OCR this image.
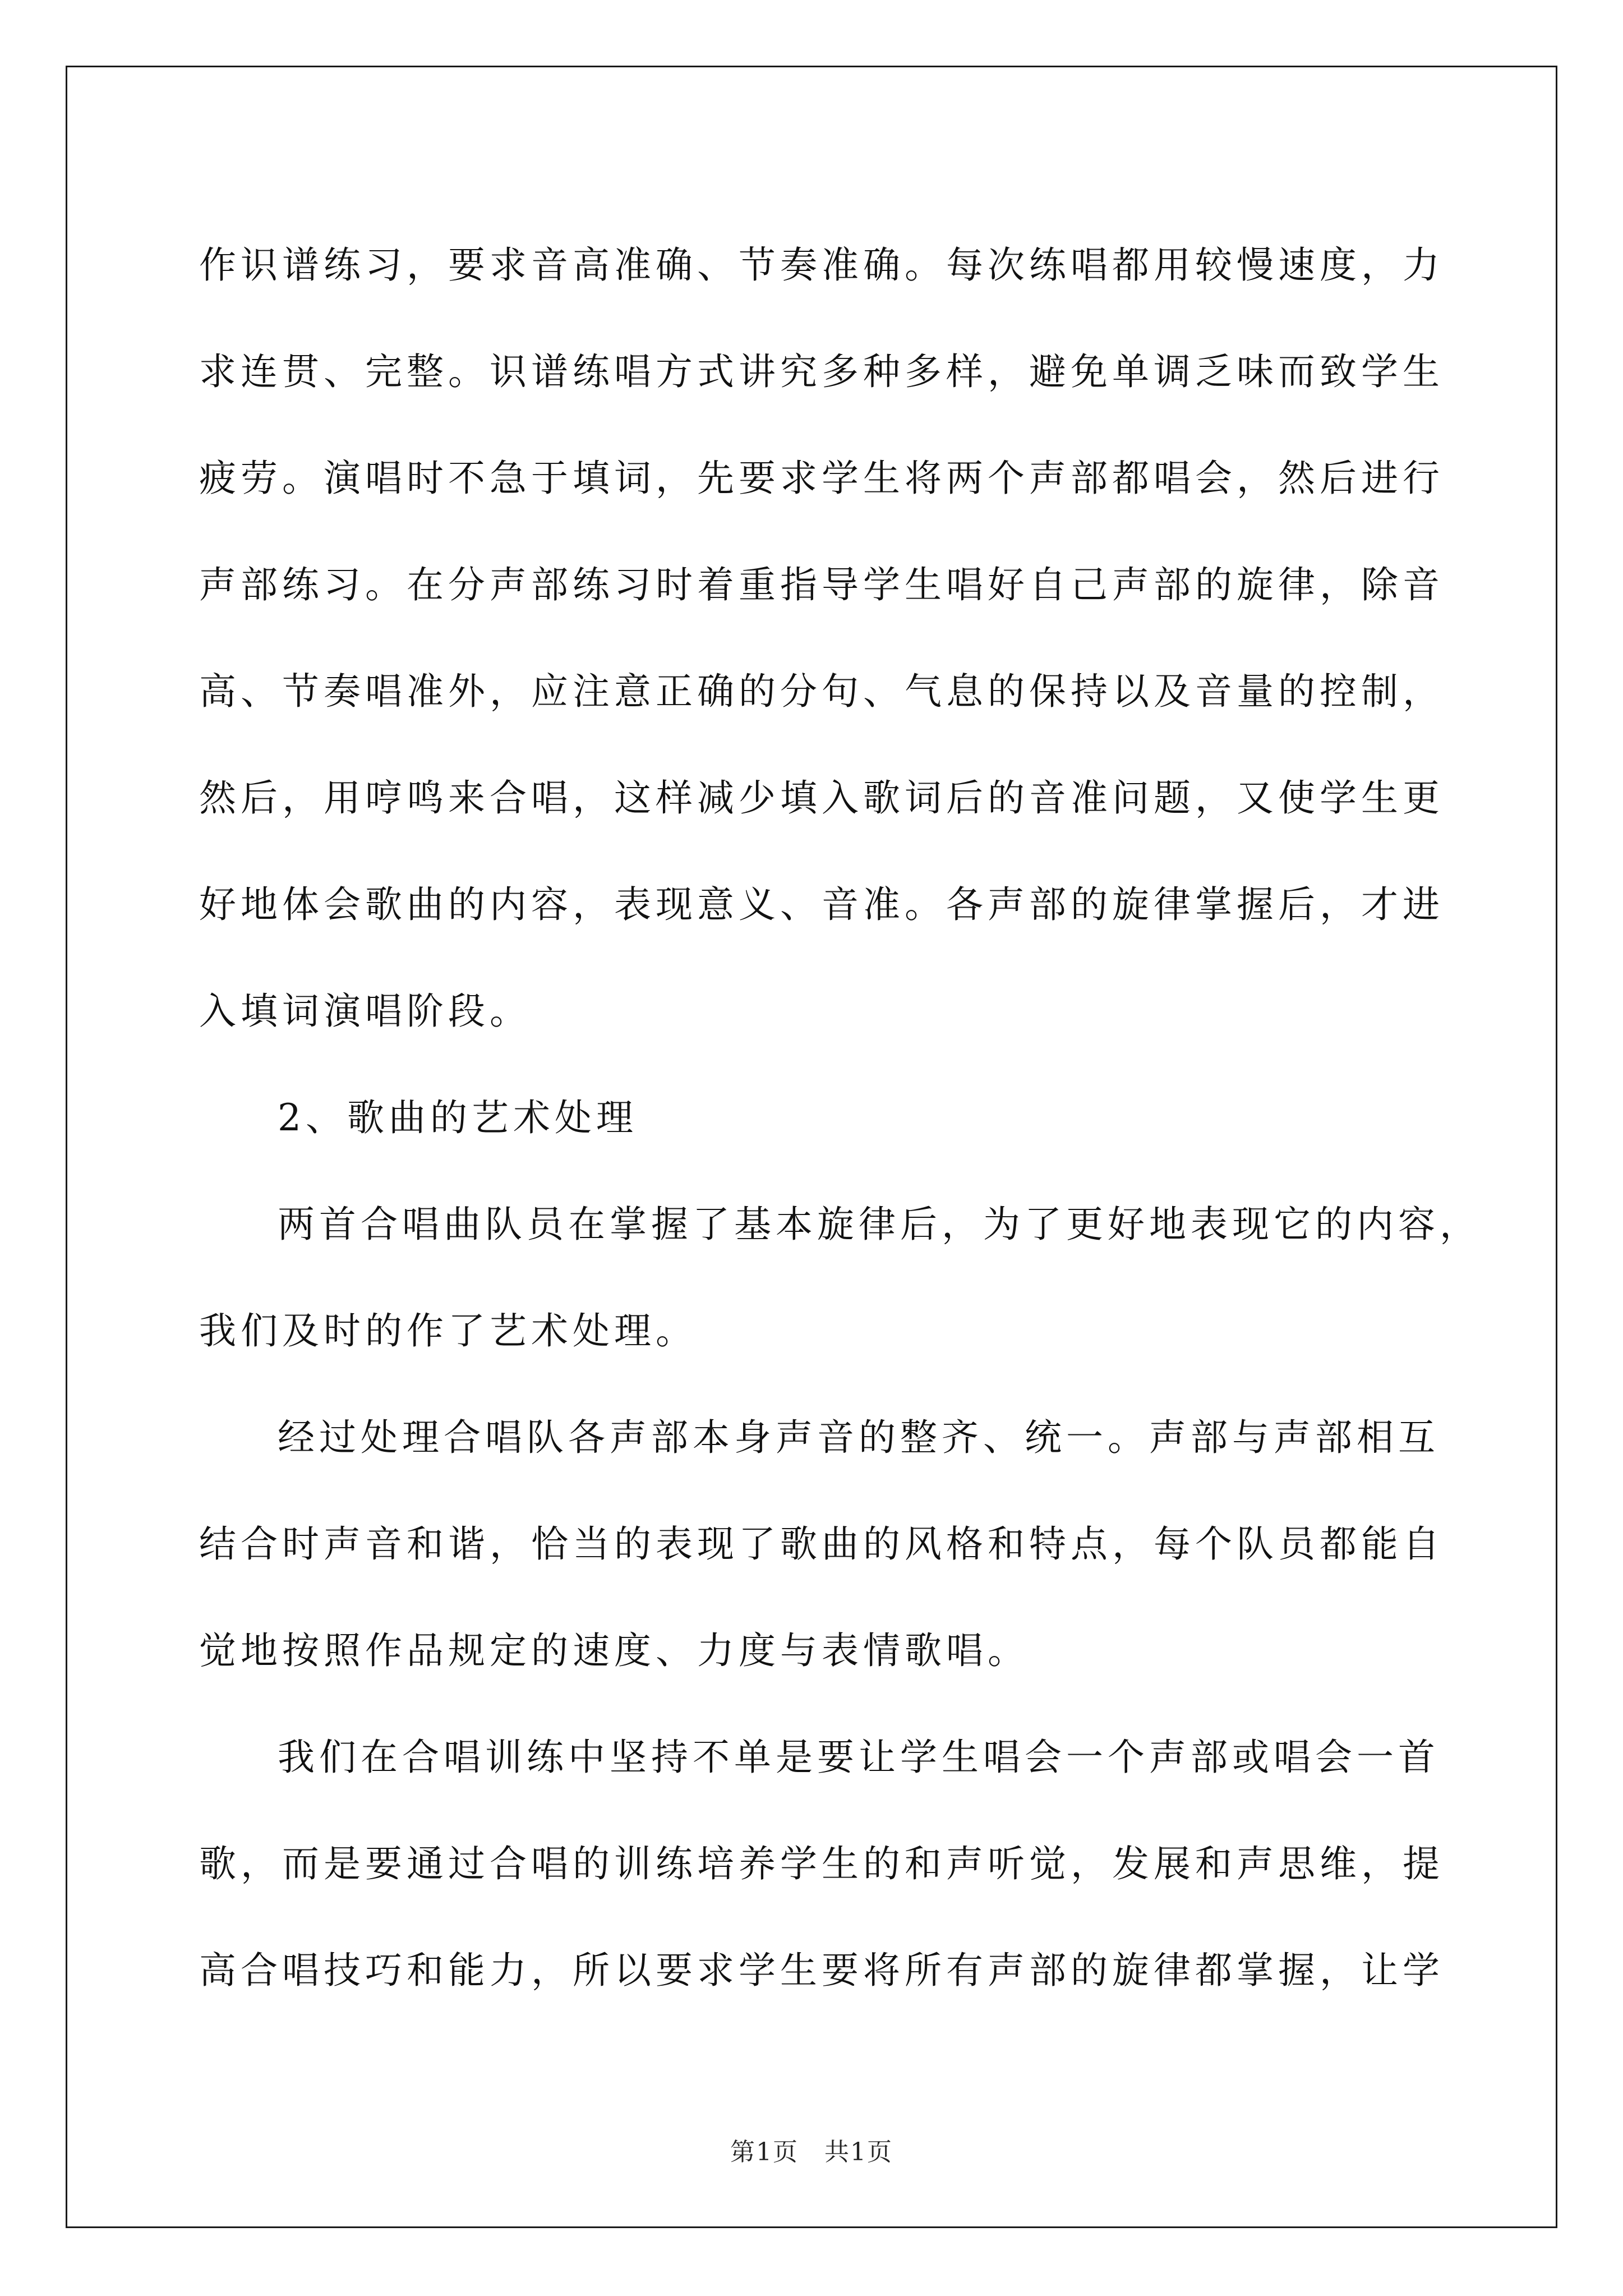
作识谱练习，要求音高准确、节奏准确。每次练唱都用较慢速度，力
求连贯、完整。识谱练唱方式讲究多种多样，避免单调乏味而致学生
疲劳。演唱时不急于填词，先要求学生将两个声部都唱会，然后进行
声部练习。在分声部练习时着重指导学生唱好自己声部的旋律，除音
高、节奏唱准外，应注意正确的分句、气息的保持以及音量的控制，
然后，用哼鸣来合唱，这样减少填入歌词后的音准问题，又使学生更
好地体会歌曲的内容，表现意义、音准。各声部的旋律掌握后，才进
入填词演唱阶段。
2、歌曲的艺术处理
两首合唱曲队员在掌握了基本旋律后，为了更好地表现它的内容，
我们及时的作了艺术处理。
经过处理合唱队各声部本身声音的整齐、统一。声部与声部相互
结合时声音和谐，恰当的表现了歌曲的风格和特点，每个队员都能自
觉地按照作品规定的速度、力度与表情歌唱。
我们在合唱训练中坚持不单是要让学生唱会一个声部或唱会一首
歌，而是要通过合唱的训练培养学生的和声听觉，发展和声思维，提
高合唱技巧和能力，所以要求学生要将所有声部的旋律都掌握，让学
第1页　共1页
